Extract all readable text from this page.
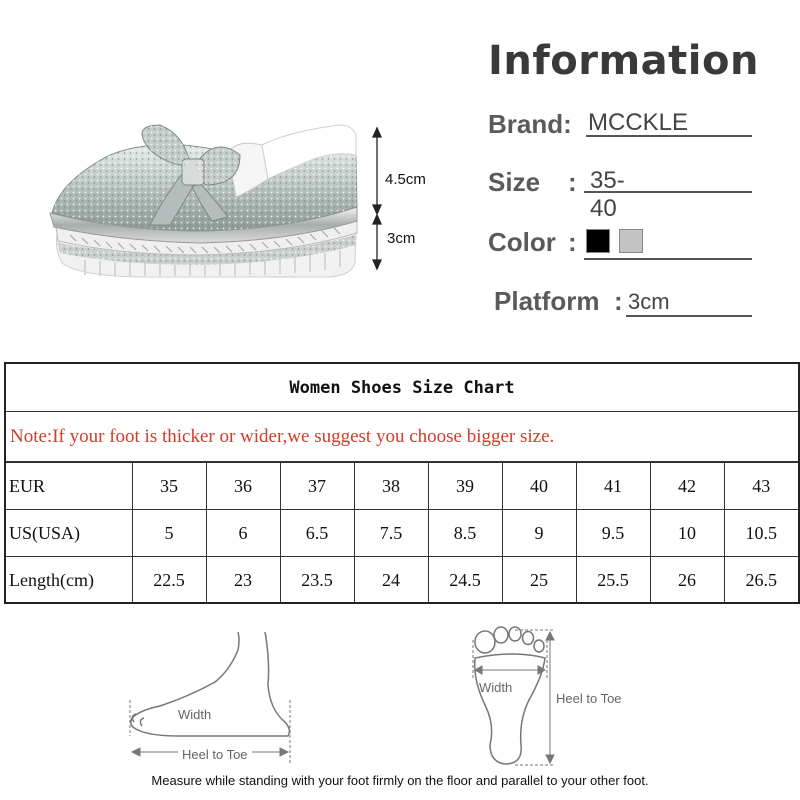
4.5cm
3cm
Information
Brand: MCCKLE
Size : 35-40
Color :
Platform : 3cm
Women Shoes Size Chart
Note:If your foot is thicker or wider,we suggest you choose bigger size.
EUR	35	36	37	38	39	40	41	42	43
US(USA)	5	6	6.5	7.5	8.5	9	9.5	10	10.5
Length(cm)	22.5	23	23.5	24	24.5	25	25.5	26	26.5
Width
Heel to Toe
Width
Heel to Toe
Measure while standing with your foot firmly on the floor and parallel to your other foot.
